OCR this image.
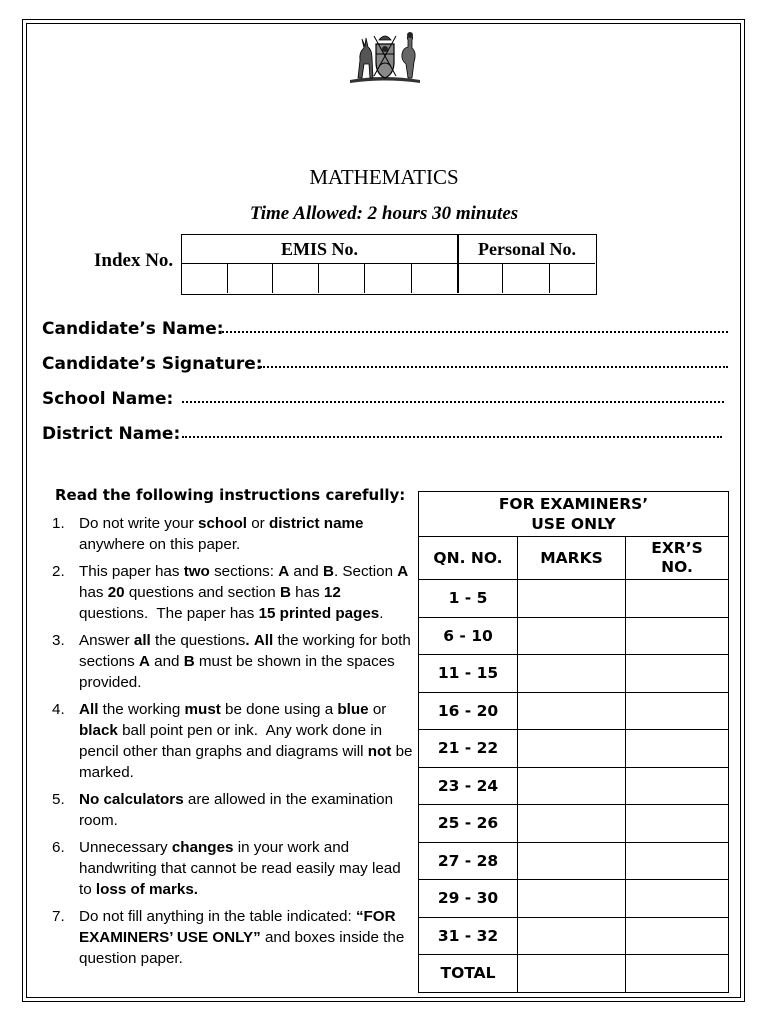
MATHEMATICS
Time Allowed: 2 hours 30 minutes
Index No.
EMIS No.	Personal No.
Candidate’s Name:
Candidate’s Signature:
School Name:
District Name:
Read the following instructions carefully:
1. Do not write your school or district name anywhere on this paper.
2. This paper has two sections: A and B. Section A has 20 questions and section B has 12 questions.  The paper has 15 printed pages.
3. Answer all the questions. All the working for both sections A and B must be shown in the spaces provided.
4. All the working must be done using a blue or black ball point pen or ink.  Any work done in pencil other than graphs and diagrams will not be marked.
5. No calculators are allowed in the examination room.
6. Unnecessary changes in your work and handwriting that cannot be read easily may lead to loss of marks.
7. Do not fill anything in the table indicated: “FOR EXAMINERS’ USE ONLY” and boxes inside the question paper.
FOR EXAMINERS’
USE ONLY		
QN. NO.	MARKS	EXR’S
NO.
1 - 5		
6 - 10		
11 - 15		
16 - 20		
21 - 22		
23 - 24		
25 - 26		
27 - 28		
29 - 30		
31 - 32		
TOTAL		
